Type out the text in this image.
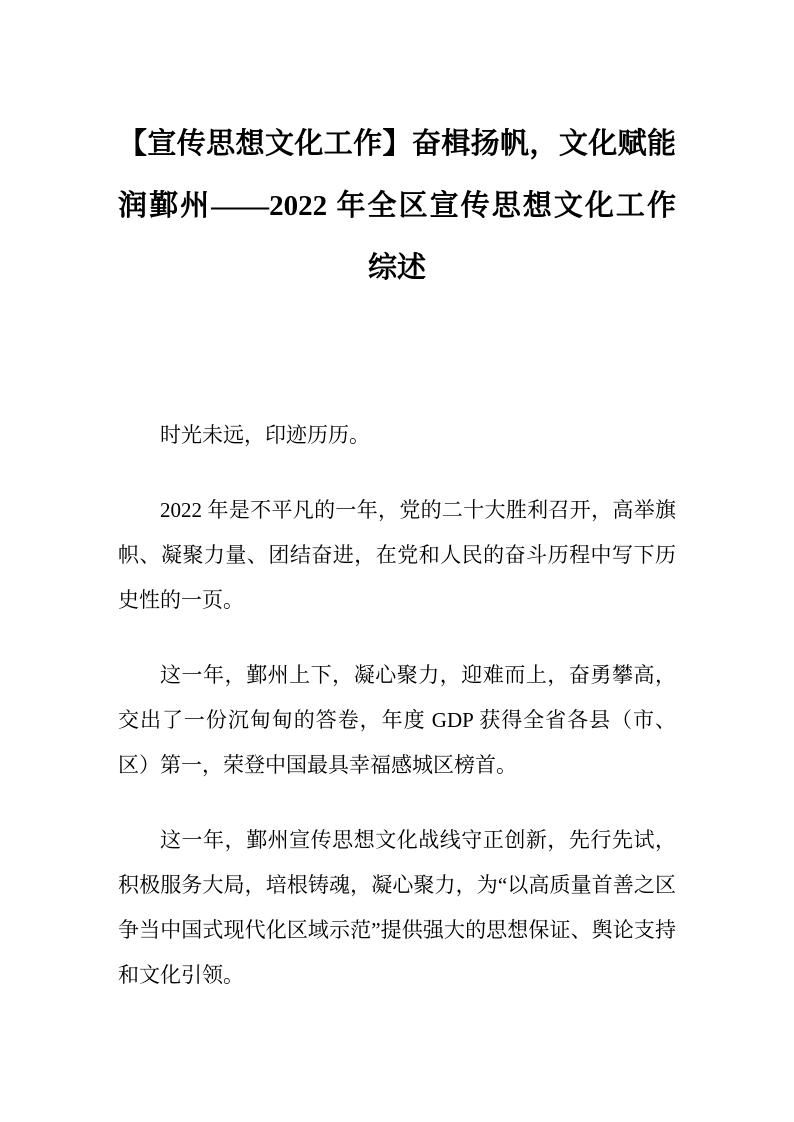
【宣传思想文化工作】奋楫扬帆，文化赋能润鄞州——2022 年全区宣传思想文化工作综述

时光未远，印迹历历。

2022 年是不平凡的一年，党的二十大胜利召开，高举旗帜、凝聚力量、团结奋进，在党和人民的奋斗历程中写下历史性的一页。

这一年，鄞州上下，凝心聚力，迎难而上，奋勇攀高，交出了一份沉甸甸的答卷，年度 GDP 获得全省各县（市、区）第一，荣登中国最具幸福感城区榜首。

这一年，鄞州宣传思想文化战线守正创新，先行先试，积极服务大局，培根铸魂，凝心聚力，为“以高质量首善之区争当中国式现代化区域示范”提供强大的思想保证、舆论支持和文化引领。
